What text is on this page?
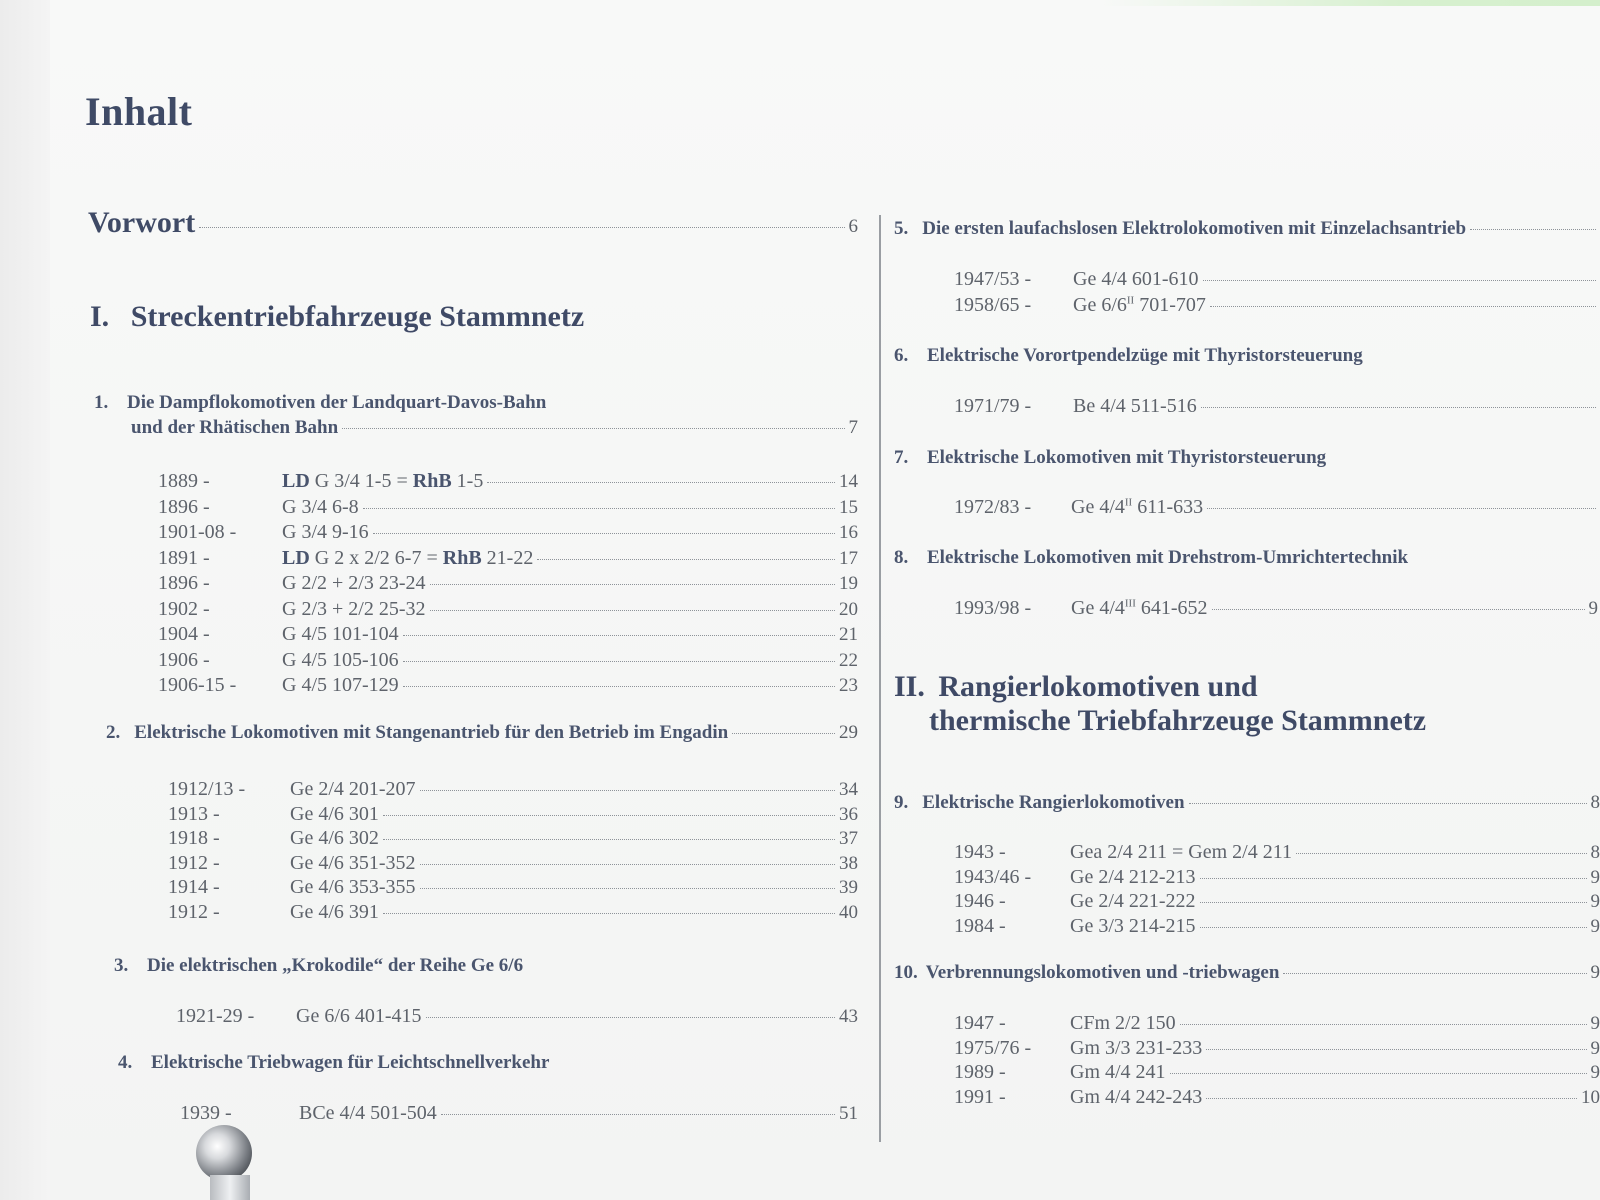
Inhalt
Vorwort	6
I. Streckentriebfahrzeuge Stammnetz
1. Die Dampflokomotiven der Landquart-Davos-Bahn
und der Rhätischen Bahn	7
1889 -	LD G 3/4 1-5 = RhB 1-5	14
1896 -	G 3/4 6-8	15
1901-08 - G 3/4 9-16	16
1891 -	LD G 2 x 2/2 6-7 = RhB 21-22	17
1896 -	G 2/2 + 2/3 23-24	19
1902 -	G 2/3 + 2/2 25-32	20
1904 -	G 4/5 101-104	21
1906 -	G 4/5 105-106	22
1906-15 - G 4/5 107-129	23
2. Elektrische Lokomotiven mit Stangenantrieb für den Betrieb im Engadin	29
1912/13 - Ge 2/4 201-207	34
1913 -	Ge 4/6 301	36
1918 -	Ge 4/6 302	37
1912 -	Ge 4/6 351-352	38
1914 -	Ge 4/6 353-355	39
1912 -	Ge 4/6 391	40
3. Die elektrischen „Krokodile“ der Reihe Ge 6/6
1921-29 - Ge 6/6 401-415	43
4. Elektrische Triebwagen für Leichtschnellverkehr
1939 -	BCe 4/4 501-504	51
5. Die ersten laufachslosen Elektrolokomotiven mit Einzelachsantrieb
1947/53 - Ge 4/4 601-610
1958/65 - Ge $6/6^{II}$ 701-707
6. Elektrische Vorortpendelzüge mit Thyristorsteuerung
1971/79 - Be 4/4 511-516
7. Elektrische Lokomotiven mit Thyristorsteuerung
1972/83 - Ge $4/4^{II}$ 611-633
8. Elektrische Lokomotiven mit Drehstrom-Umrichtertechnik
1993/98 - Ge $4/4^{III}$ 641-652	9
II. Rangierlokomotiven und
thermische Triebfahrzeuge Stammnetz
9. Elektrische Rangierlokomotiven	8
1943 -	Gea 2/4 211 = Gem 2/4 211	8
1943/46 - Ge 2/4 212-213	9
1946 -	Ge 2/4 221-222	9
1984 -	Ge 3/3 214-215	9
10. Verbrennungslokomotiven und -triebwagen	9
1947 -	CFm 2/2 150	9
1975/76 - Gm 3/3 231-233	9
1989 -	Gm 4/4 241	9
1991 -	Gm 4/4 242-243	10
